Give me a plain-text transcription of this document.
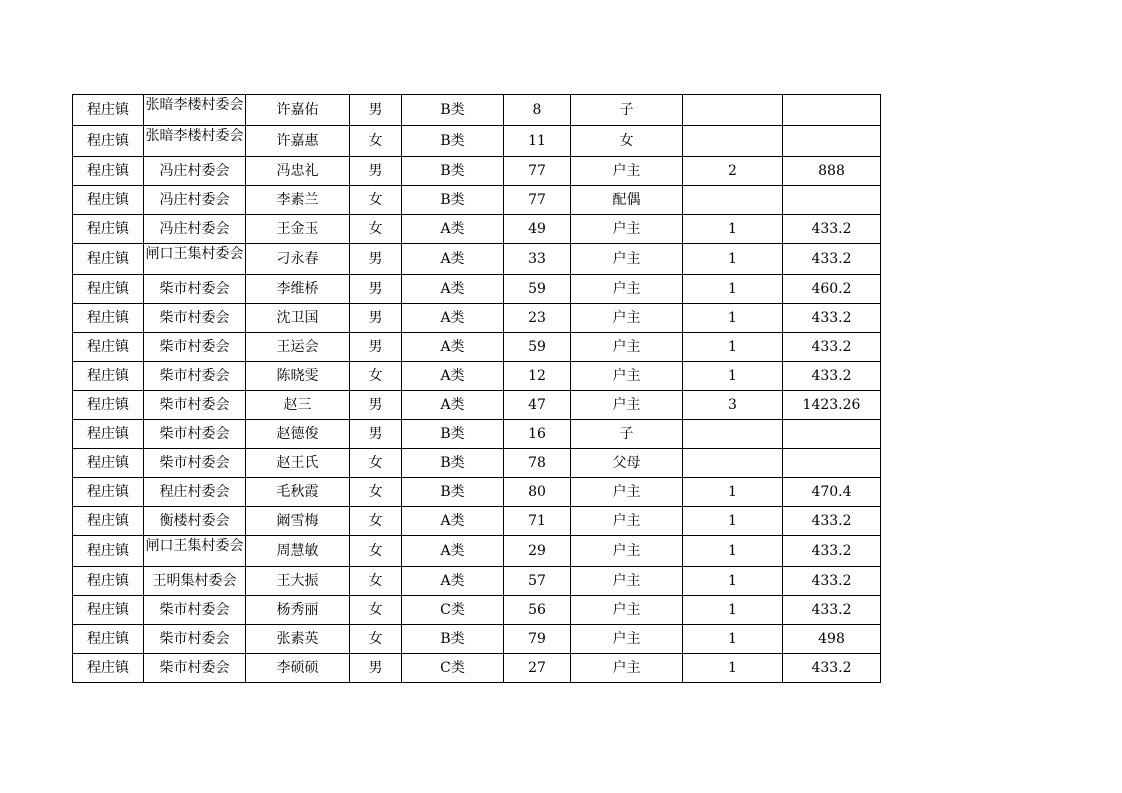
程庄镇	张暗李楼村委会	许嘉佑	男	B类	8	子		
程庄镇	张暗李楼村委会	许嘉惠	女	B类	11	女		
程庄镇	冯庄村委会	冯忠礼	男	B类	77	户主	2	888
程庄镇	冯庄村委会	李素兰	女	B类	77	配偶		
程庄镇	冯庄村委会	王金玉	女	A类	49	户主	1	433.2
程庄镇	闸口王集村委会	刁永春	男	A类	33	户主	1	433.2
程庄镇	柴市村委会	李维桥	男	A类	59	户主	1	460.2
程庄镇	柴市村委会	沈卫国	男	A类	23	户主	1	433.2
程庄镇	柴市村委会	王运会	男	A类	59	户主	1	433.2
程庄镇	柴市村委会	陈晓雯	女	A类	12	户主	1	433.2
程庄镇	柴市村委会	赵三	男	A类	47	户主	3	1423.26
程庄镇	柴市村委会	赵德俊	男	B类	16	子		
程庄镇	柴市村委会	赵王氏	女	B类	78	父母		
程庄镇	程庄村委会	毛秋霞	女	B类	80	户主	1	470.4
程庄镇	衡楼村委会	阚雪梅	女	A类	71	户主	1	433.2
程庄镇	闸口王集村委会	周慧敏	女	A类	29	户主	1	433.2
程庄镇	王明集村委会	王大振	女	A类	57	户主	1	433.2
程庄镇	柴市村委会	杨秀丽	女	C类	56	户主	1	433.2
程庄镇	柴市村委会	张素英	女	B类	79	户主	1	498
程庄镇	柴市村委会	李硕硕	男	C类	27	户主	1	433.2
